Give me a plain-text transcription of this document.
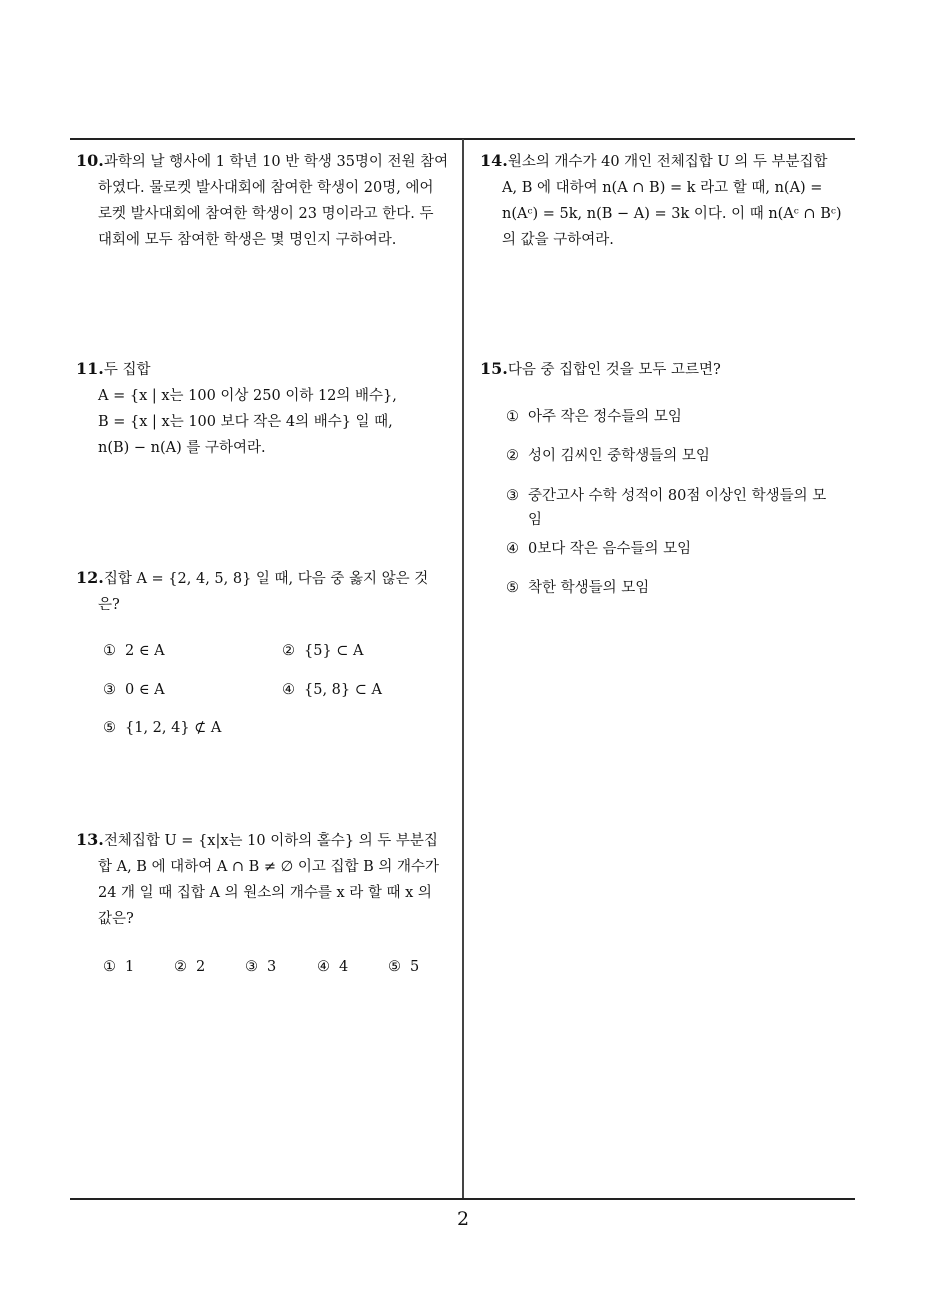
10.과학의 날 행사에 1 학년 10 반 학생 35명이 전원 참여
하였다. 물로켓 발사대회에 참여한 학생이 20명, 에어
로켓 발사대회에 참여한 학생이 23 명이라고 한다. 두
대회에 모두 참여한 학생은 몇 명인지 구하여라.
11.두 집합
A = {x | x는 100 이상 250 이하 12의 배수},
B = {x | x는 100 보다 작은 4의 배수} 일 때,
n(B) − n(A) 를 구하여라.
12.집합 A = {2, 4, 5, 8} 일 때, 다음 중 옳지 않은 것
은?
① 2 ∈ A	② {5} ⊂ A
③ 0 ∈ A	④ {5, 8} ⊂ A
⑤ {1, 2, 4} ⊄ A
13.전체집합 U = {x|x는 10 이하의 홀수} 의 두 부분집
합 A, B 에 대하여 A ∩ B ≠ ∅ 이고 집합 B 의 개수가
24 개 일 때 집합 A 의 원소의 개수를 x 라 할 때 x 의
값은?
① 1	② 2	③ 3	④ 4	⑤ 5
14.원소의 개수가 40 개인 전체집합 U 의 두 부분집합
A, B 에 대하여 n(A ∩ B) = k 라고 할 때, n(A) =
n(Aᶜ) = 5k, n(B − A) = 3k 이다. 이 때 n(Aᶜ ∩ Bᶜ)
의 값을 구하여라.
15.다음 중 집합인 것을 모두 고르면?
① 아주 작은 정수들의 모임
② 성이 김씨인 중학생들의 모임
③ 중간고사 수학 성적이 80점 이상인 학생들의 모
임
④ 0보다 작은 음수들의 모임
⑤ 착한 학생들의 모임
2
